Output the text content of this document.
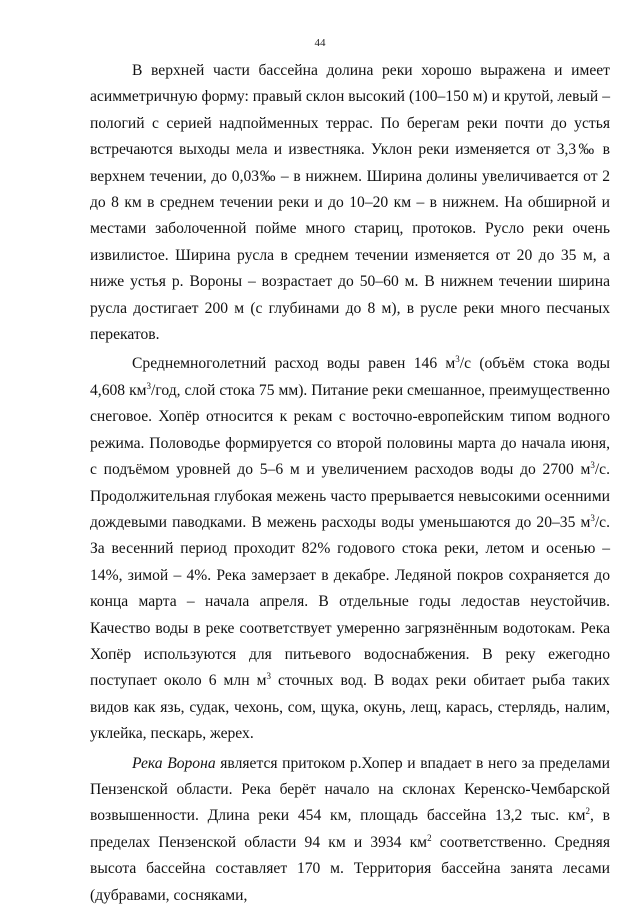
44

В верхней части бассейна долина реки хорошо выражена и имеет асимметричную форму: правый склон высокий (100–150 м) и крутой, левый – пологий с серией надпойменных террас. По берегам реки почти до устья встречаются выходы мела и известняка. Уклон реки изменяется от 3,3‰ в верхнем течении, до 0,03‰ – в нижнем. Ширина долины увеличивается от 2 до 8 км в среднем течении реки и до 10–20 км – в нижнем. На обширной и местами заболоченной пойме много стариц, протоков. Русло реки очень извилистое. Ширина русла в среднем течении изменяется от 20 до 35 м, а ниже устья р. Вороны – возрастает до 50–60 м. В нижнем течении ширина русла достигает 200 м (с глубинами до 8 м), в русле реки много песчаных перекатов.

Среднемноголетний расход воды равен 146 $м^3/с$ (объём стока воды 4,608 $км^3$/год, слой стока 75 мм). Питание реки смешанное, преимущественно снеговое. Хопёр относится к рекам с восточно-европейским типом водного режима. Половодье формируется со второй половины марта до начала июня, с подъёмом уровней до 5–6 м и увеличением расходов воды до 2700 $м^3/с$. Продолжительная глубокая межень часто прерывается невысокими осенними дождевыми паводками. В межень расходы воды уменьшаются до 20–35 $м^3/с$. За весенний период проходит 82% годового стока реки, летом и осенью – 14%, зимой – 4%. Река замерзает в декабре. Ледяной покров сохраняется до конца марта – начала апреля. В отдельные годы ледостав неустойчив. Качество воды в реке соответствует умеренно загрязнённым водотокам. Река Хопёр используются для питьевого водоснабжения. В реку ежегодно поступает около 6 млн $м^3$ сточных вод. В водах реки обитает рыба таких видов как язь, судак, чехонь, сом, щука, окунь, лещ, карась, стерлядь, налим, уклейка, пескарь, жерех.

Река Ворона является притоком р.Хопер и впадает в него за пределами Пензенской области. Река берёт начало на склонах Керенско-Чембарской возвышенности. Длина реки 454 км, площадь бассейна 13,2 тыс. $км^2$, в пределах Пензенской области 94 км и 3934 $км^2$ соответственно. Средняя высота бассейна составляет 170 м. Территория бассейна занята лесами (дубравами, сосняками,
